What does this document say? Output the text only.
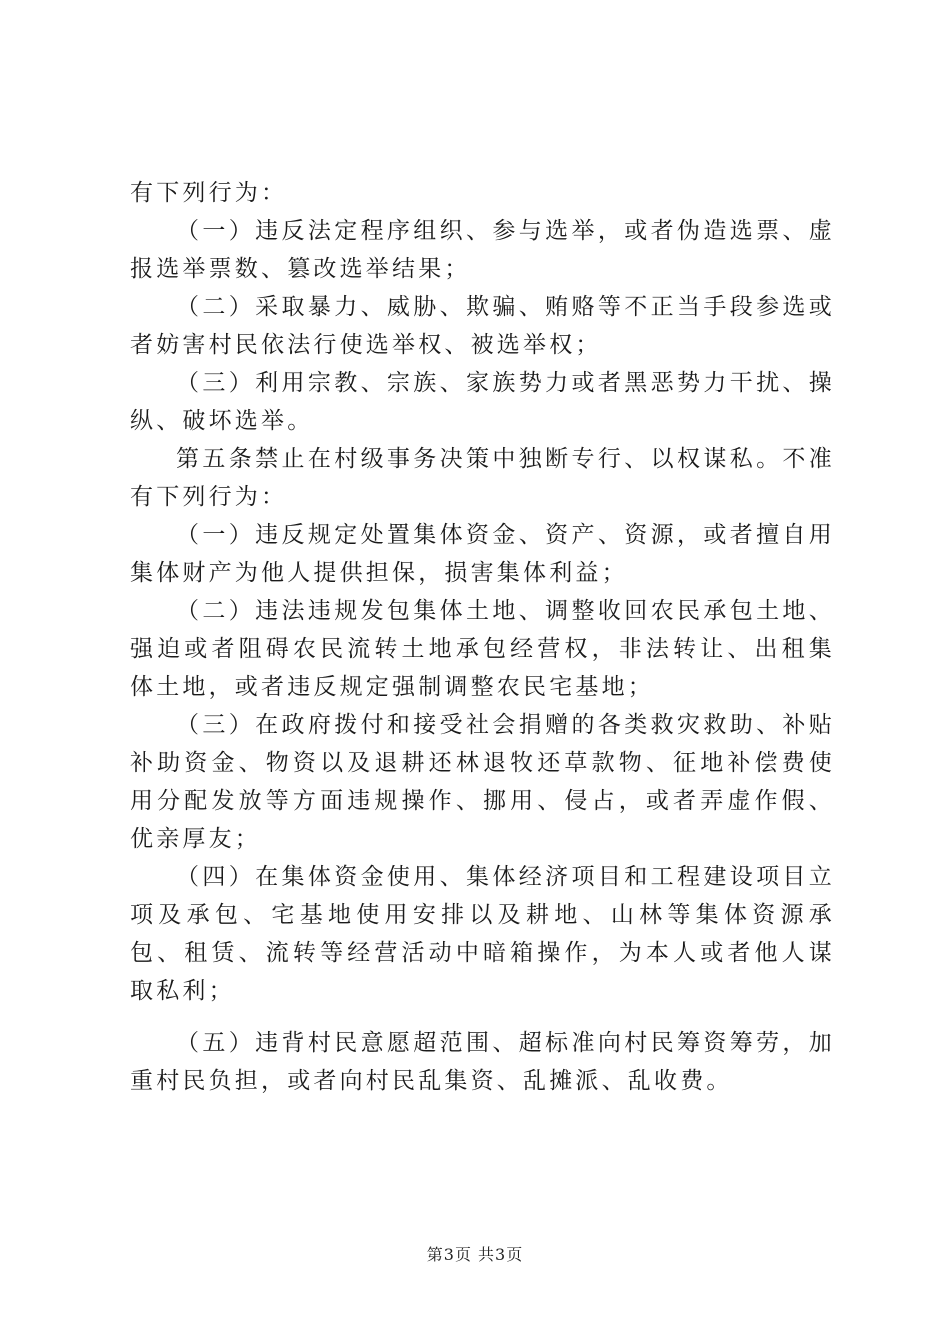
有下列行为：

（一）违反法定程序组织、参与选举，或者伪造选票、虚报选举票数、篡改选举结果；

（二）采取暴力、威胁、欺骗、贿赂等不正当手段参选或者妨害村民依法行使选举权、被选举权；

（三）利用宗教、宗族、家族势力或者黑恶势力干扰、操纵、破坏选举。

第五条禁止在村级事务决策中独断专行、以权谋私。不准有下列行为：

（一）违反规定处置集体资金、资产、资源，或者擅自用集体财产为他人提供担保，损害集体利益；

（二）违法违规发包集体土地、调整收回农民承包土地、强迫或者阻碍农民流转土地承包经营权，非法转让、出租集体土地，或者违反规定强制调整农民宅基地；

（三）在政府拨付和接受社会捐赠的各类救灾救助、补贴补助资金、物资以及退耕还林退牧还草款物、征地补偿费使用分配发放等方面违规操作、挪用、侵占，或者弄虚作假、优亲厚友；

（四）在集体资金使用、集体经济项目和工程建设项目立项及承包、宅基地使用安排以及耕地、山林等集体资源承包、租赁、流转等经营活动中暗箱操作，为本人或者他人谋取私利；

（五）违背村民意愿超范围、超标准向村民筹资筹劳，加重村民负担，或者向村民乱集资、乱摊派、乱收费。

第3页 共3页
